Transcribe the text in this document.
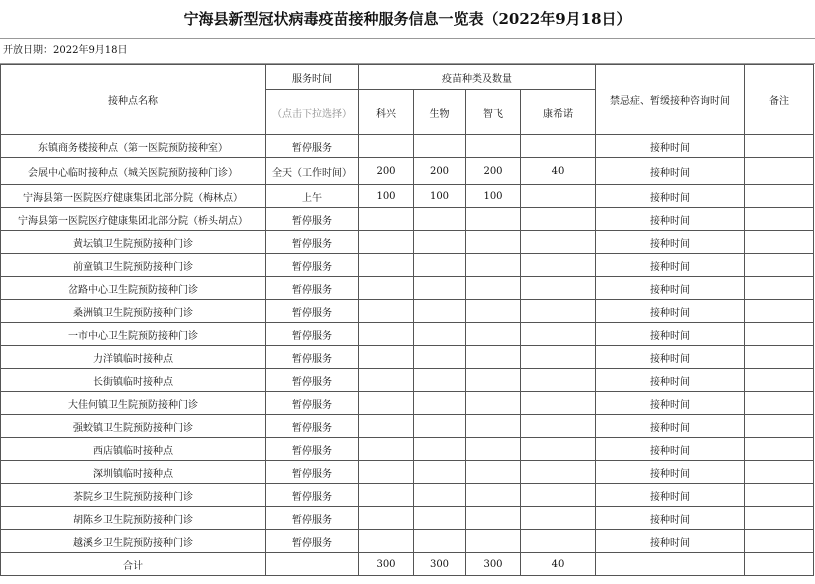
宁海县新型冠状病毒疫苗接种服务信息一览表（2022年9月18日）
开放日期：2022年9月18日
接种点名称	服务时间	疫苗种类及数量				禁忌症、暂缓接种咨询时间	备注
	（点击下拉选择）	科兴	生物	智飞	康希诺		
东镇商务楼接种点（第一医院预防接种室）	暂停服务					接种时间	
会展中心临时接种点（城关医院预防接种门诊）	全天（工作时间）	200	200	200	40	接种时间	
宁海县第一医院医疗健康集团北部分院（梅林点）	上午	100	100	100		接种时间	
宁海县第一医院医疗健康集团北部分院（桥头胡点）	暂停服务					接种时间	
黄坛镇卫生院预防接种门诊	暂停服务					接种时间	
前童镇卫生院预防接种门诊	暂停服务					接种时间	
岔路中心卫生院预防接种门诊	暂停服务					接种时间	
桑洲镇卫生院预防接种门诊	暂停服务					接种时间	
一市中心卫生院预防接种门诊	暂停服务					接种时间	
力洋镇临时接种点	暂停服务					接种时间	
长街镇临时接种点	暂停服务					接种时间	
大佳何镇卫生院预防接种门诊	暂停服务					接种时间	
强蛟镇卫生院预防接种门诊	暂停服务					接种时间	
西店镇临时接种点	暂停服务					接种时间	
深圳镇临时接种点	暂停服务					接种时间	
茶院乡卫生院预防接种门诊	暂停服务					接种时间	
胡陈乡卫生院预防接种门诊	暂停服务					接种时间	
越溪乡卫生院预防接种门诊	暂停服务					接种时间	
合计		300	300	300	40		
